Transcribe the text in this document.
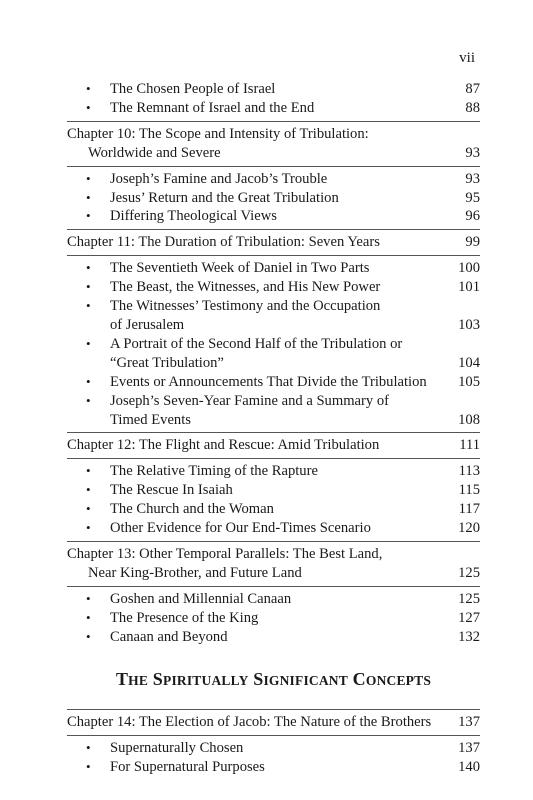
vii
• The Chosen People of Israel	87
• The Remnant of Israel and the End	88
Chapter 10: The Scope and Intensity of Tribulation:
Worldwide and Severe	93
• Joseph’s Famine and Jacob’s Trouble	93
• Jesus’ Return and the Great Tribulation	95
• Differing Theological Views	96
Chapter 11: The Duration of Tribulation: Seven Years	99
• The Seventieth Week of Daniel in Two Parts	100
• The Beast, the Witnesses, and His New Power	101
• The Witnesses’ Testimony and the Occupation
of Jerusalem	103
• A Portrait of the Second Half of the Tribulation or
“Great Tribulation”	104
• Events or Announcements That Divide the Tribulation 105
• Joseph’s Seven-Year Famine and a Summary of
Timed Events	108
Chapter 12: The Flight and Rescue: Amid Tribulation	111
• The Relative Timing of the Rapture	113
• The Rescue In Isaiah	115
• The Church and the Woman	117
• Other Evidence for Our End-Times Scenario	120
Chapter 13: Other Temporal Parallels: The Best Land,
Near King-Brother, and Future Land	125
• Goshen and Millennial Canaan	125
• The Presence of the King	127
• Canaan and Beyond	132
THE SPIRITUALLY SIGNIFICANT CONCEPTS
Chapter 14: The Election of Jacob: The Nature of the Brothers 137
• Supernaturally Chosen	137
• For Supernatural Purposes	140
